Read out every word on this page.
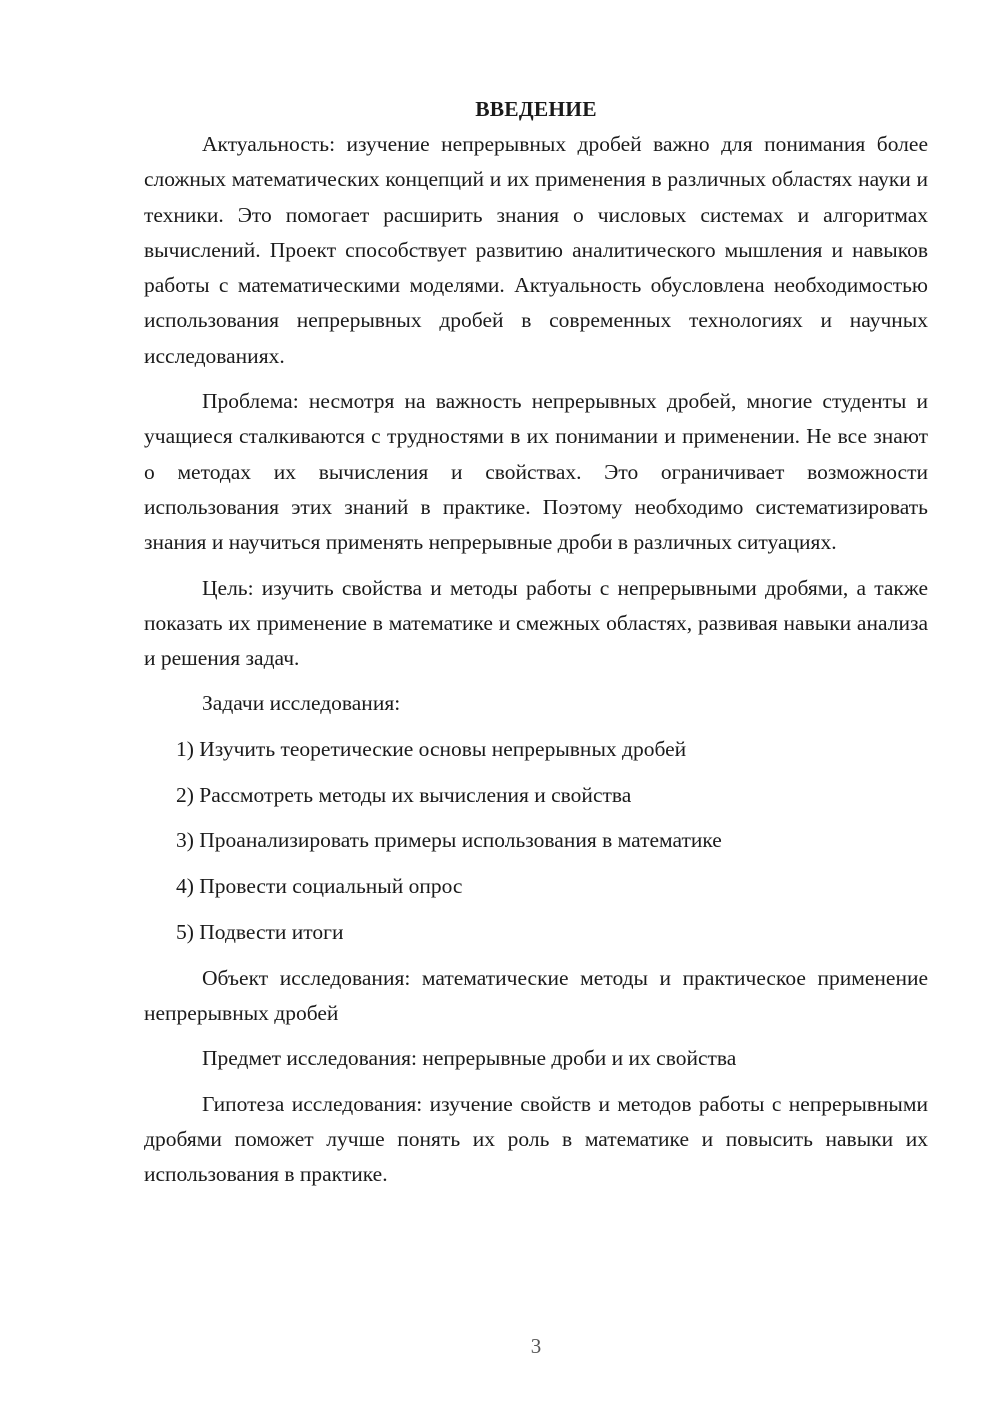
ВВЕДЕНИЕ

Актуальность: изучение непрерывных дробей важно для понимания более сложных математических концепций и их применения в различных областях науки и техники. Это помогает расширить знания о числовых системах и алгоритмах вычислений. Проект способствует развитию аналитического мышления и навыков работы с математическими моделями. Актуальность обусловлена необходимостью использования непрерывных дробей в современных технологиях и научных исследованиях.

Проблема: несмотря на важность непрерывных дробей, многие студенты и учащиеся сталкиваются с трудностями в их понимании и применении. Не все знают о методах их вычисления и свойствах. Это ограничивает возможности использования этих знаний в практике. Поэтому необходимо систематизировать знания и научиться применять непрерывные дроби в различных ситуациях.

Цель: изучить свойства и методы работы с непрерывными дробями, а также показать их применение в математике и смежных областях, развивая навыки анализа и решения задач.

Задачи исследования:

1) Изучить теоретические основы непрерывных дробей
2) Рассмотреть методы их вычисления и свойства
3) Проанализировать примеры использования в математике
4) Провести социальный опрос
5) Подвести итоги

Объект исследования: математические методы и практическое применение непрерывных дробей

Предмет исследования: непрерывные дроби и их свойства

Гипотеза исследования: изучение свойств и методов работы с непрерывными дробями поможет лучше понять их роль в математике и повысить навыки их использования в практике.

3
